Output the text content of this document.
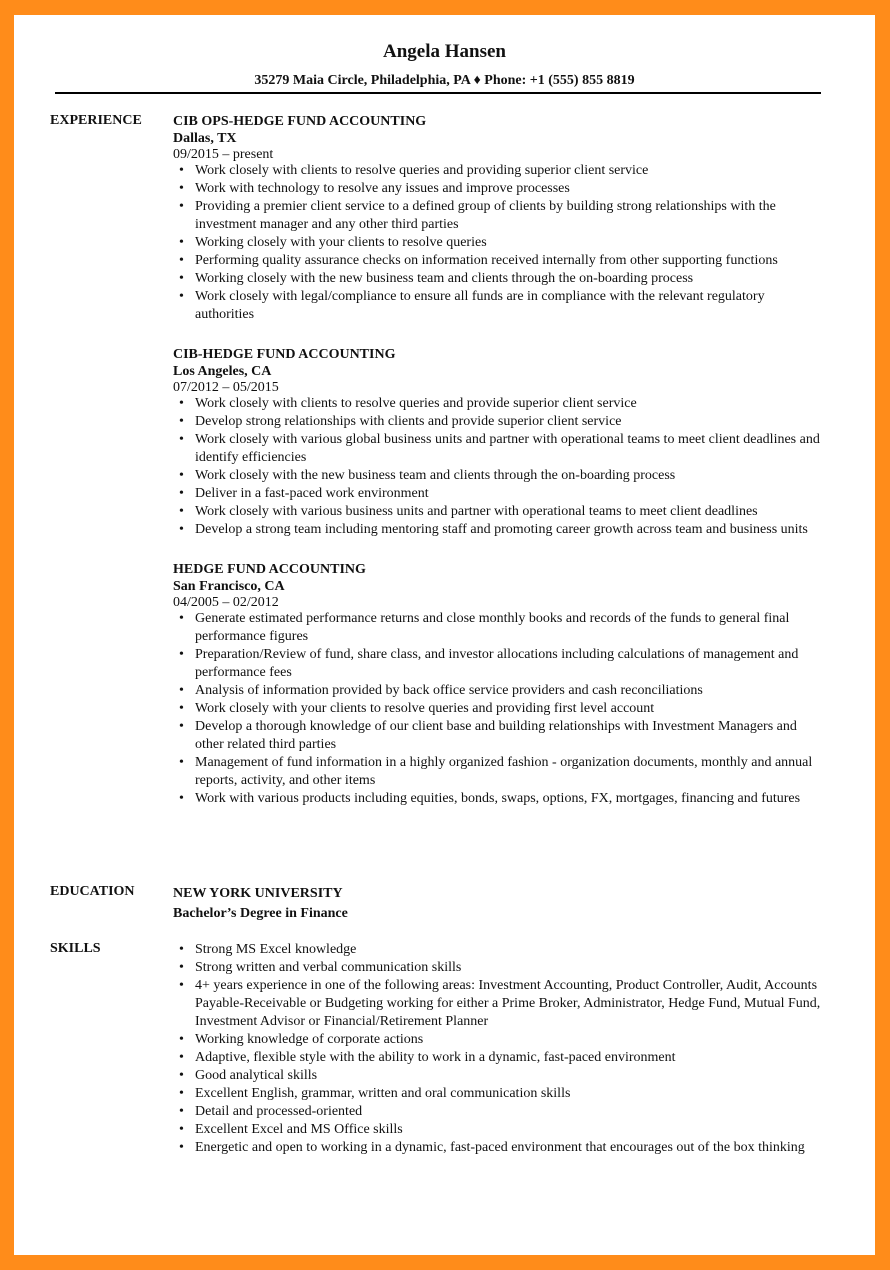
Angela Hansen
35279 Maia Circle, Philadelphia, PA ♦ Phone: +1 (555) 855 8819
EXPERIENCE CIB OPS-HEDGE FUND ACCOUNTING
Dallas, TX
09/2015 – present
• Work closely with clients to resolve queries and providing superior client service
• Work with technology to resolve any issues and improve processes
• Providing a premier client service to a defined group of clients by building strong relationships with the investment manager and any other third parties
• Working closely with your clients to resolve queries
• Performing quality assurance checks on information received internally from other supporting functions
• Working closely with the new business team and clients through the on-boarding process
• Work closely with legal/compliance to ensure all funds are in compliance with the relevant regulatory authorities
CIB-HEDGE FUND ACCOUNTING
Los Angeles, CA
07/2012 – 05/2015
• Work closely with clients to resolve queries and provide superior client service
• Develop strong relationships with clients and provide superior client service
• Work closely with various global business units and partner with operational teams to meet client deadlines and identify efficiencies
• Work closely with the new business team and clients through the on-boarding process
• Deliver in a fast-paced work environment
• Work closely with various business units and partner with operational teams to meet client deadlines
• Develop a strong team including mentoring staff and promoting career growth across team and business units
HEDGE FUND ACCOUNTING
San Francisco, CA
04/2005 – 02/2012
• Generate estimated performance returns and close monthly books and records of the funds to general final performance figures
• Preparation/Review of fund, share class, and investor allocations including calculations of management and performance fees
• Analysis of information provided by back office service providers and cash reconciliations
• Work closely with your clients to resolve queries and providing first level account
• Develop a thorough knowledge of our client base and building relationships with Investment Managers and other related third parties
• Management of fund information in a highly organized fashion - organization documents, monthly and annual reports, activity, and other items
• Work with various products including equities, bonds, swaps, options, FX, mortgages, financing and futures
EDUCATION	NEW YORK UNIVERSITY
Bachelor’s Degree in Finance
SKILLS	• Strong MS Excel knowledge
• Strong written and verbal communication skills
• 4+ years experience in one of the following areas: Investment Accounting, Product Controller, Audit, Accounts Payable-Receivable or Budgeting working for either a Prime Broker, Administrator, Hedge Fund, Mutual Fund, Investment Advisor or Financial/Retirement Planner
• Working knowledge of corporate actions
• Adaptive, flexible style with the ability to work in a dynamic, fast-paced environment
• Good analytical skills
• Excellent English, grammar, written and oral communication skills
• Detail and processed-oriented
• Excellent Excel and MS Office skills
• Energetic and open to working in a dynamic, fast-paced environment that encourages out of the box thinking
